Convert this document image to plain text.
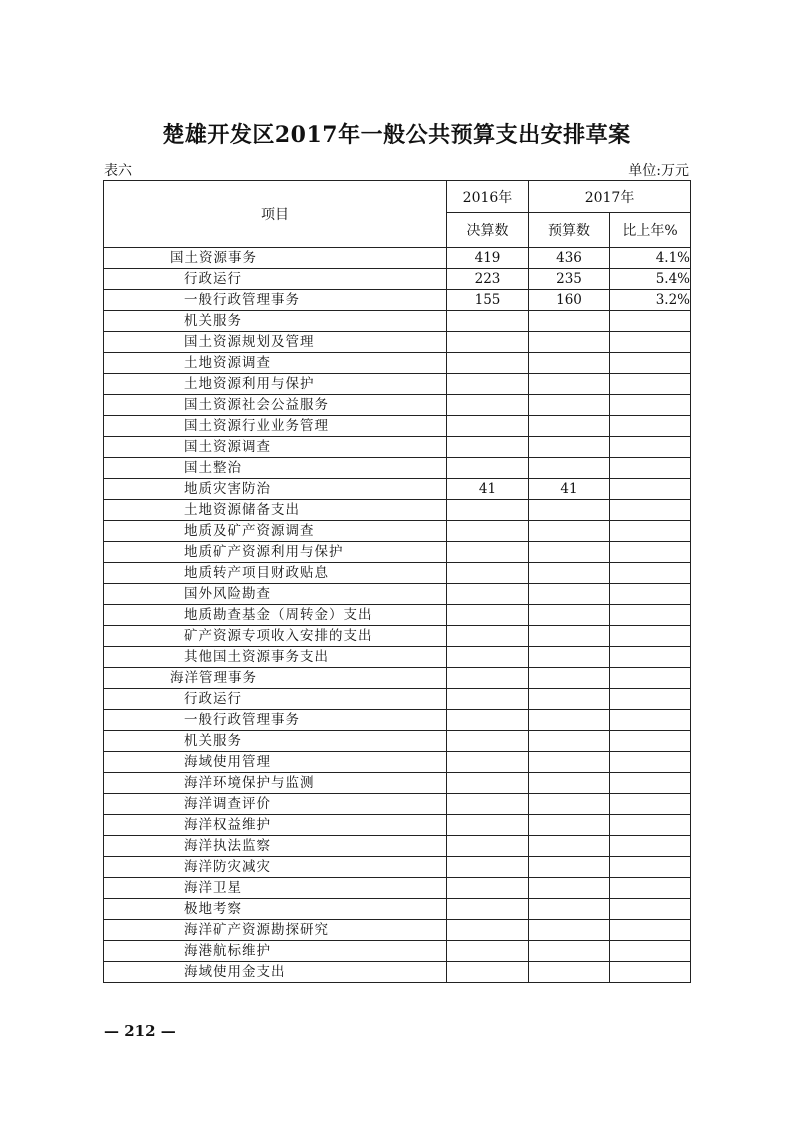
楚雄开发区2017年一般公共预算支出安排草案
表六	单位:万元
项目	2016年	2017年	
	决算数	预算数	比上年%
国土资源事务	419	436	4.1%
行政运行	223	235	5.4%
一般行政管理事务	155	160	3.2%
机关服务			
国土资源规划及管理			
土地资源调查			
土地资源利用与保护			
国土资源社会公益服务			
国土资源行业业务管理			
国土资源调查			
国土整治			
地质灾害防治	41	41	
土地资源储备支出			
地质及矿产资源调查			
地质矿产资源利用与保护			
地质转产项目财政贴息			
国外风险勘查			
地质勘查基金（周转金）支出			
矿产资源专项收入安排的支出			
其他国土资源事务支出			
海洋管理事务			
行政运行			
一般行政管理事务			
机关服务			
海域使用管理			
海洋环境保护与监测			
海洋调查评价			
海洋权益维护			
海洋执法监察			
海洋防灾减灾			
海洋卫星			
极地考察			
海洋矿产资源勘探研究			
海港航标维护			
海域使用金支出			
— 212 —
